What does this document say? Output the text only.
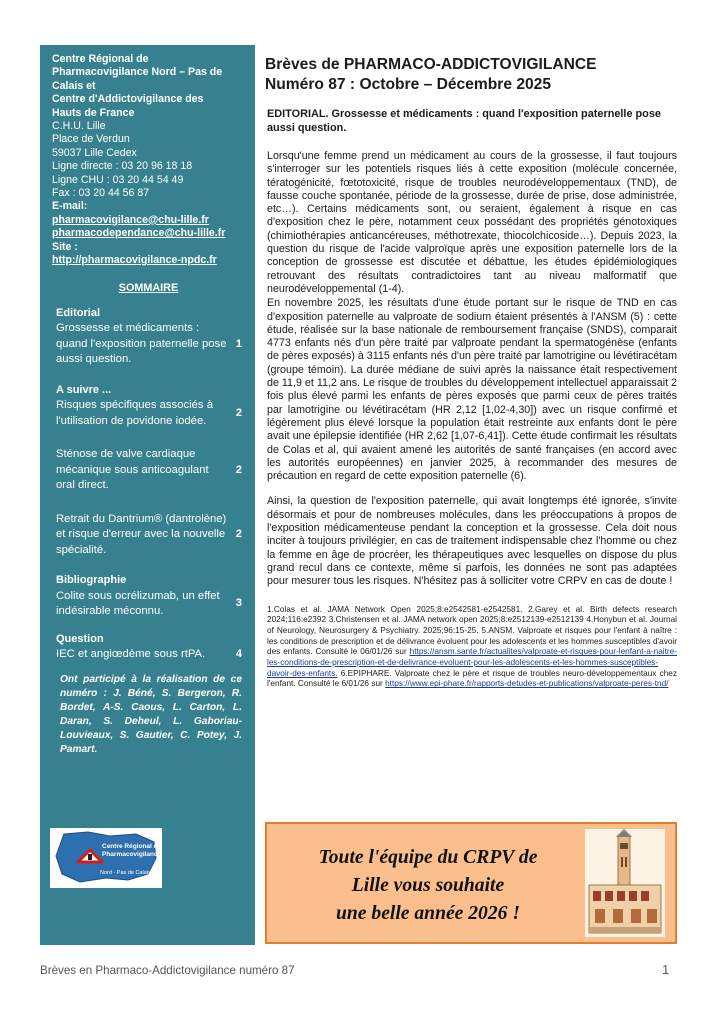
Centre Régional de
Pharmacovigilance Nord – Pas de
Calais et
Centre d'Addictovigilance des
Hauts de France
C.H.U. Lille
Place de Verdun
59037 Lille Cedex
Ligne directe : 03 20 96 18 18
Ligne CHU : 03 20 44 54 49
Fax : 03 20 44 56 87
E-mail:
pharmacovigilance@chu-lille.fr
pharmacodependance@chu-lille.fr
Site :
http://pharmacovigilance-npdc.fr
SOMMAIRE
Editorial
Grossesse et médicaments : quand l'exposition paternelle pose aussi question.
1
A suivre ...
Risques spécifiques associés à l'utilisation de povidone iodée.
2
Sténose de valve cardiaque mécanique sous anticoagulant oral direct.
2
Retrait du Dantrium® (dantrolène) et risque d'erreur avec la nouvelle spécialité.
2
Bibliographie
Colite sous ocrélizumab, un effet indésirable méconnu.
3
Question
IEC et angiœdème sous rtPA.	4
Ont participé à la réalisation de ce numéro : J. Béné, S. Bergeron, R. Bordet, A-S. Caous, L. Carton, L. Daran, S. Deheul, L. Gaboriau-Louvieaux, S. Gautier, C. Potey, J. Pamart.
Centre Régional de
Pharmacovigilance
Nord - Pas de Calais
Brèves de PHARMACO-ADDICTOVIGILANCE
Numéro 87 : Octobre – Décembre 2025
EDITORIAL. Grossesse et médicaments : quand l'exposition paternelle pose aussi question.

Lorsqu'une femme prend un médicament au cours de la grossesse, il faut toujours s'interroger sur les potentiels risques liés à cette exposition (molécule concernée, tératogénicité, fœtotoxicité, risque de troubles neurodéveloppementaux (TND), de fausse couche spontanée, période de la grossesse, durée de prise, dose administrée, etc…). Certains médicaments sont, ou seraient, également à risque en cas d'exposition chez le père, notamment ceux possédant des propriétés génotoxiques (chimiothérapies anticancéreuses, méthotrexate, thiocolchicoside…). Depuis 2023, la question du risque de l'acide valproïque après une exposition paternelle lors de la conception de grossesse est discutée et débattue, les études épidémiologiques retrouvant des résultats contradictoires tant au niveau malformatif que neurodéveloppemental (1-4).

En novembre 2025, les résultats d'une étude portant sur le risque de TND en cas d'exposition paternelle au valproate de sodium étaient présentés à l'ANSM (5) : cette étude, réalisée sur la base nationale de remboursement française (SNDS), comparait 4773 enfants nés d'un père traité par valproate pendant la spermatogénèse (enfants de pères exposés) à 3115 enfants nés d'un père traité par lamotrigine ou lévétiracétam (groupe témoin). La durée médiane de suivi après la naissance était respectivement de 11,9 et 11,2 ans. Le risque de troubles du développement intellectuel apparaissait 2 fois plus élevé parmi les enfants de pères exposés que parmi ceux de pères traités par lamotrigine ou lévétiracétam (HR 2,12 [1,02-4,30]) avec un risque confirmé et légèrement plus élevé lorsque la population était restreinte aux enfants dont le père avait une épilepsie identifiée (HR 2,62 [1,07-6,41]). Cette étude confirmait les résultats de Colas et al, qui avaient amené les autorités de santé françaises (en accord avec les autorités européennes) en janvier 2025, à recommander des mesures de précaution en regard de cette exposition paternelle (6).

Ainsi, la question de l'exposition paternelle, qui avait longtemps été ignorée, s'invite désormais et pour de nombreuses molécules, dans les préoccupations à propos de l'exposition médicamenteuse pendant la conception et la grossesse. Cela doit nous inciter à toujours privilégier, en cas de traitement indispensable chez l'homme ou chez la femme en âge de procréer, les thérapeutiques avec lesquelles on dispose du plus grand recul dans ce contexte, même si parfois, les données ne sont pas adaptées pour mesurer tous les risques. N'hésitez pas à solliciter votre CRPV en cas de doute !

1.Colas et al. JAMA Network Open 2025;8:e2542581-e2542581. 2.Garey et al. Birth defects research 2024;116:e2392 3.Christensen et al. JAMA network open 2025;8:e2512139-e2512139 4.Honybun et al. Journal of Neurology, Neurosurgery & Psychiatry. 2025;96:15-25. 5.ANSM. Valproate et risques pour l'enfant à naître : les conditions de prescription et de délivrance évoluent pour les adolescents et les hommes susceptibles d'avoir des enfants. Consulté le 06/01/26 sur https://ansm.sante.fr/actualites/valproate-et-risques-pour-lenfant-a-naitre-les-conditions-de-prescription-et-de-delivrance-evoluent-pour-les-adolescents-et-les-hommes-susceptibles-davoir-des-enfants. 6.EPIPHARE. Valproate chez le père et risque de troubles neuro-développementaux chez l'enfant. Consulté le 6/01/26 sur https://www.epi-phare.fr/rapports-detudes-et-publications/valproate-peres-tnd/
Toute l'équipe du CRPV de
Lille vous souhaite
une belle année 2026 !
Brèves en Pharmaco-Addictovigilance numéro 87	1
